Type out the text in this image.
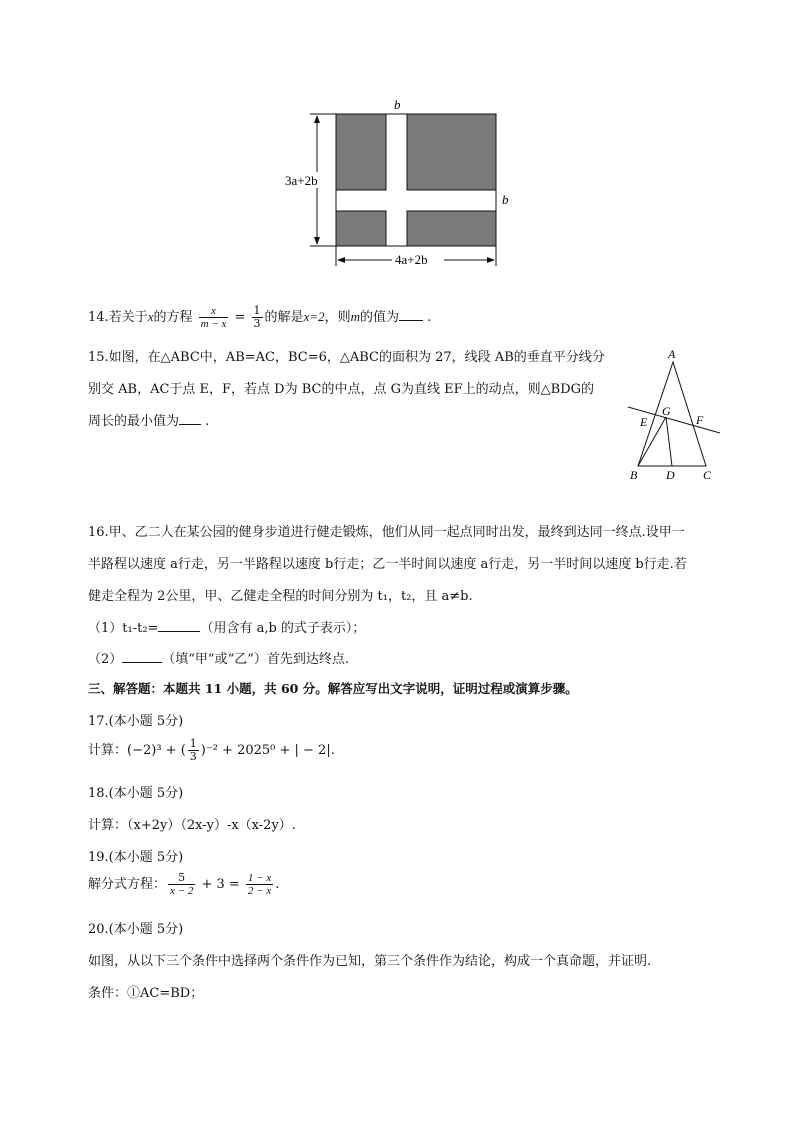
b
b
3a+2b
4a+2b
14.若关于x的方程 $\frac{x}{m - x} = \frac{1}{3}$ 的解是x=2，则m的值为 .
15.如图，在△ABC中，AB=AC，BC=6，△ABC的面积为 27，线段 AB的垂直平分线分
别交 AB，AC于点 E，F，若点 D为 BC的中点，点 G为直线 EF上的动点，则△BDG的
周长的最小值为 .
A
B	C
D
E	F
G
16.甲、乙二人在某公园的健身步道进行健走锻炼，他们从同一起点同时出发，最终到达同一终点.设甲一
半路程以速度 a行走，另一半路程以速度 b行走；乙一半时间以速度 a行走，另一半时间以速度 b行走.若
健走全程为 2公里，甲、乙健走全程的时间分别为 t₁，t₂，且 a≠b.
（1）t₁-t₂=	（用含有 a,b 的式子表示）；
（2）	（填“甲”或“乙”）首先到达终点.
三、解答题：本题共 11 小题，共 60 分。解答应写出文字说明，证明过程或演算步骤。
17.(本小题 5分)
计算：(−2)³ + ( $\frac{1}{3} )^{-2} + 2025^0$ + | − 2|.
18.(本小题 5分)
计算：（x+2y）（2x-y）-x（x-2y）.
19.(本小题 5分)
解分式方程： $\frac{5}{x - 2} + 3 = \frac{1 - x}{2 - x}$ .
20.(本小题 5分)
如图，从以下三个条件中选择两个条件作为已知，第三个条件作为结论，构成一个真命题，并证明.
条件：①AC=BD；
